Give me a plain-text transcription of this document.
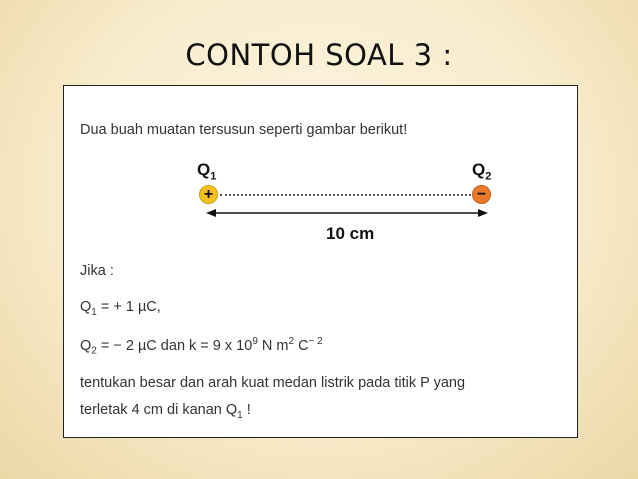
CONTOH SOAL 3 :
Dua buah muatan tersusun seperti gambar berikut!
$Q_1$	$Q_2$
+	−
10 cm
Jika :
$Q_1$ = + 1 µC,
$Q_2$ = − 2 µC dan k = 9 x $10^9$ N $m^2$ $C^{- 2}$
tentukan besar dan arah kuat medan listrik pada titik P yang
terletak 4 cm di kanan $Q_1$ !
